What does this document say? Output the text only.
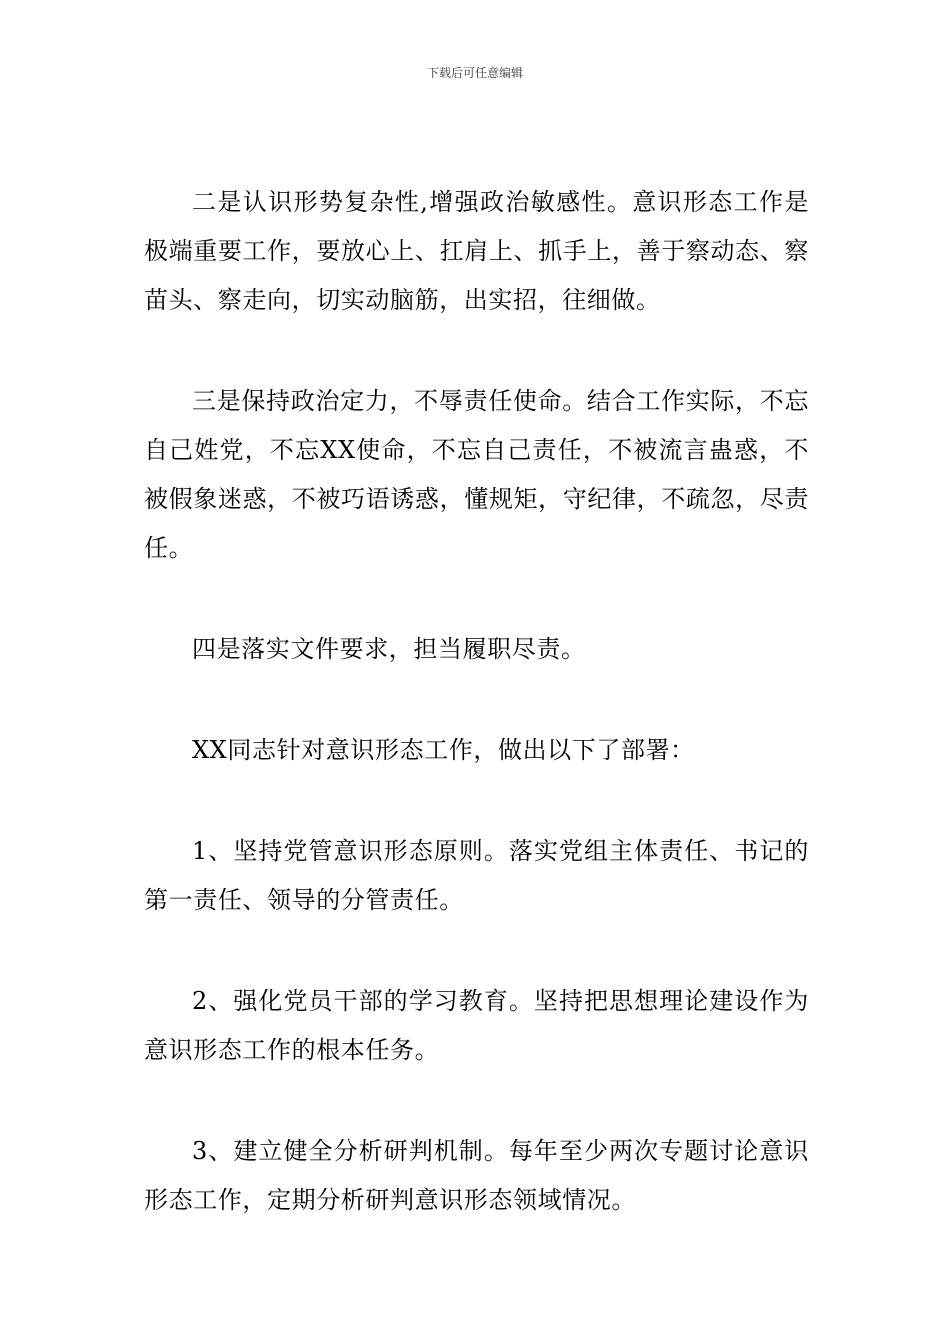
下载后可任意编辑

二是认识形势复杂性,增强政治敏感性。意识形态工作是极端重要工作，要放心上、扛肩上、抓手上，善于察动态、察苗头、察走向，切实动脑筋，出实招，往细做。

三是保持政治定力，不辱责任使命。结合工作实际，不忘自己姓党，不忘XX使命，不忘自己责任，不被流言蛊惑，不被假象迷惑，不被巧语诱惑，懂规矩，守纪律，不疏忽，尽责任。

四是落实文件要求，担当履职尽责。

XX同志针对意识形态工作，做出以下了部署：

1、坚持党管意识形态原则。落实党组主体责任、书记的第一责任、领导的分管责任。

2、强化党员干部的学习教育。坚持把思想理论建设作为意识形态工作的根本任务。

3、建立健全分析研判机制。每年至少两次专题讨论意识形态工作，定期分析研判意识形态领域情况。
